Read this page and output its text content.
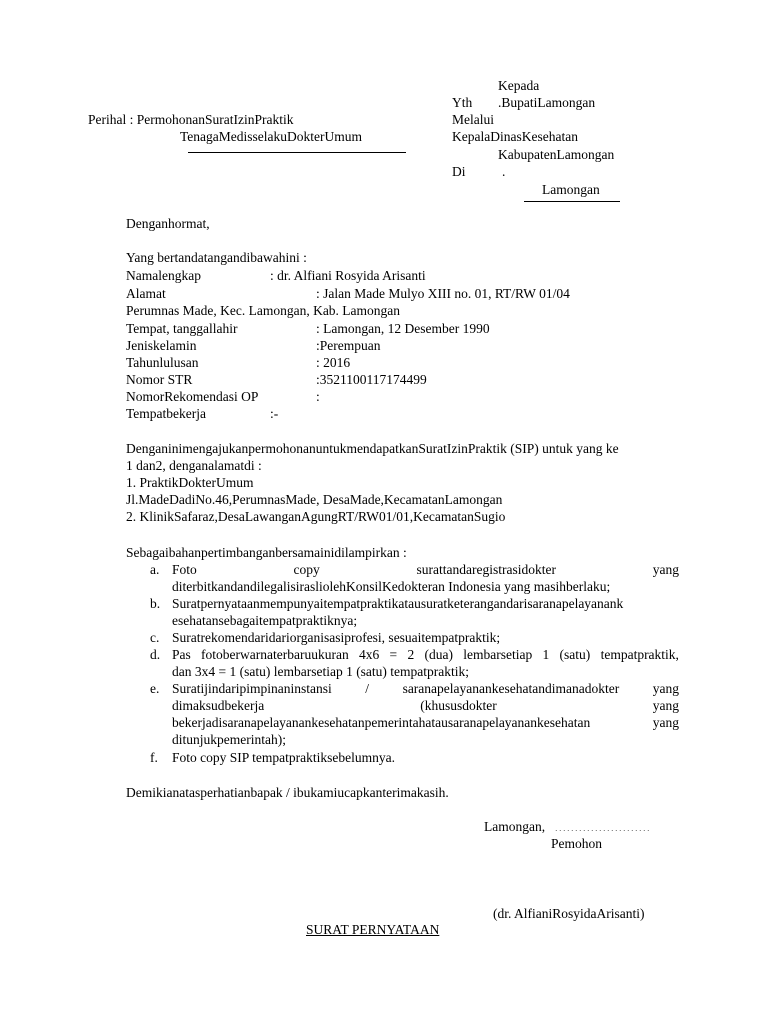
Kepada
Yth .BupatiLamongan
Melalui
KepalaDinasKesehatan
KabupatenLamongan
Di	.
Lamongan
Perihal : PermohonanSuratIzinPraktik
TenagaMedisselakuDokterUmum
Denganhormat,
Yang bertandatangandibawahini :
Namalengkap	: dr. Alfiani Rosyida Arisanti
Alamat	: Jalan Made Mulyo XIII no. 01, RT/RW 01/04
Perumnas Made, Kec. Lamongan, Kab. Lamongan
Tempat, tanggallahir	: Lamongan, 12 Desember 1990
Jeniskelamin	:Perempuan
Tahunlulusan	: 2016
Nomor STR	:3521100117174499
NomorRekomendasi OP	:
Tempatbekerja	:-
Denganinimengajukanpermohonanuntukmendapatkan​SuratIzinPraktik (SIP) untuk yang ke
1 dan2, denganalamatdi :
1. PraktikDokterUmum
Jl.MadeDadiNo.46,PerumnasMade, DesaMade,KecamatanLamongan
2. KlinikSafaraz,DesaLawanganAgungRT/RW01/01,KecamatanSugio
Sebagaibahanpertimbanganbersamainidilampirkan :
a. Foto	copy	surattandaregistrasidokter	yang
diterbitkandandilegalisirasliolehKonsilKedokteran Indonesia yang masihberlaku;
b. Suratpernyataanmempunyaitempatpraktikatausuratketerangandarisaranapelayanank
esehatansebagaitempatpraktiknya;
c. Suratrekomendaridariorganisasiprofesi, sesuaitempatpraktik;
d. Pas fotoberwarnaterbaruukuran 4x6 = 2 (dua) lembarsetiap 1 (satu) tempatpraktik,
dan 3x4 = 1 (satu) lembarsetiap 1 (satu) tempatpraktik;
e. Suratijindaripimpinaninstansi / saranapelayanankesehatandimanadokter yang
dimaksudbekerja	(khususdokter	yang
bekerjadisaranapelayanankesehatanpemerintahatausaranapelayanankesehatan	yang
ditunjukpemerintah);
f. Foto copy SIP tempatpraktiksebelumnya.
Demikianatasperhatianbapak / ibukamiucapkanterimakasih.
Lamongan, ........................
Pemohon
(dr. AlfianiRosyidaArisanti)
SURAT PERNYATAAN
